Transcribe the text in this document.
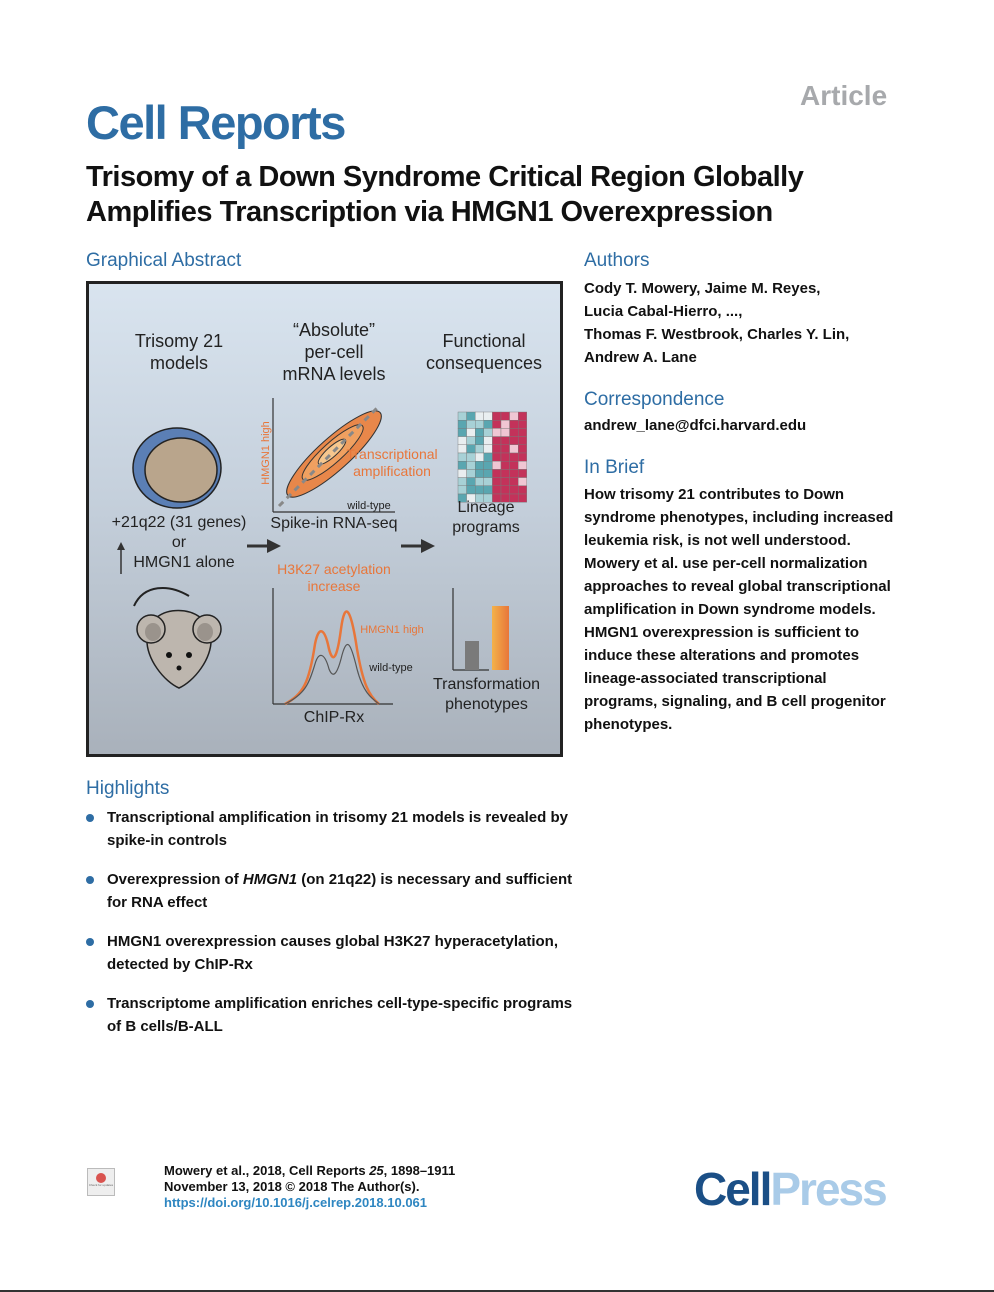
Article
Cell Reports
Trisomy of a Down Syndrome Critical Region Globally
Amplifies Transcription via HMGN1 Overexpression
Graphical Abstract
Trisomy 21
models
“Absolute”
per-cell
mRNA levels
Functional
consequences
HMGN1 high
wild-type
Transcriptional
amplification
Spike-in RNA-seq
Lineage
programs
+21q22 (31 genes)
or
HMGN1 alone	H3K27 acetylation
increase
HMGN1 high
wild-type
ChIP-Rx
Transformation
phenotypes
Authors
Cody T. Mowery, Jaime M. Reyes,
Lucia Cabal-Hierro, ...,
Thomas F. Westbrook, Charles Y. Lin,
Andrew A. Lane
Correspondence
andrew_lane@dfci.harvard.edu
In Brief
How trisomy 21 contributes to Down syndrome phenotypes, including increased leukemia risk, is not well understood. Mowery et al. use per-cell normalization approaches to reveal global transcriptional amplification in Down syndrome models. HMGN1 overexpression is sufficient to induce these alterations and promotes lineage-associated transcriptional programs, signaling, and B cell progenitor phenotypes.
Highlights
Transcriptional amplification in trisomy 21 models is revealed by spike-in controls
Overexpression of HMGN1 (on 21q22) is necessary and sufficient for RNA effect
HMGN1 overexpression causes global H3K27 hyperacetylation, detected by ChIP-Rx
Transcriptome amplification enriches cell-type-specific programs of B cells/B-ALL
Check for updates
Mowery et al., 2018, Cell Reports 25, 1898–1911
November 13, 2018 © 2018 The Author(s).
https://doi.org/10.1016/j.celrep.2018.10.061	CellPress
